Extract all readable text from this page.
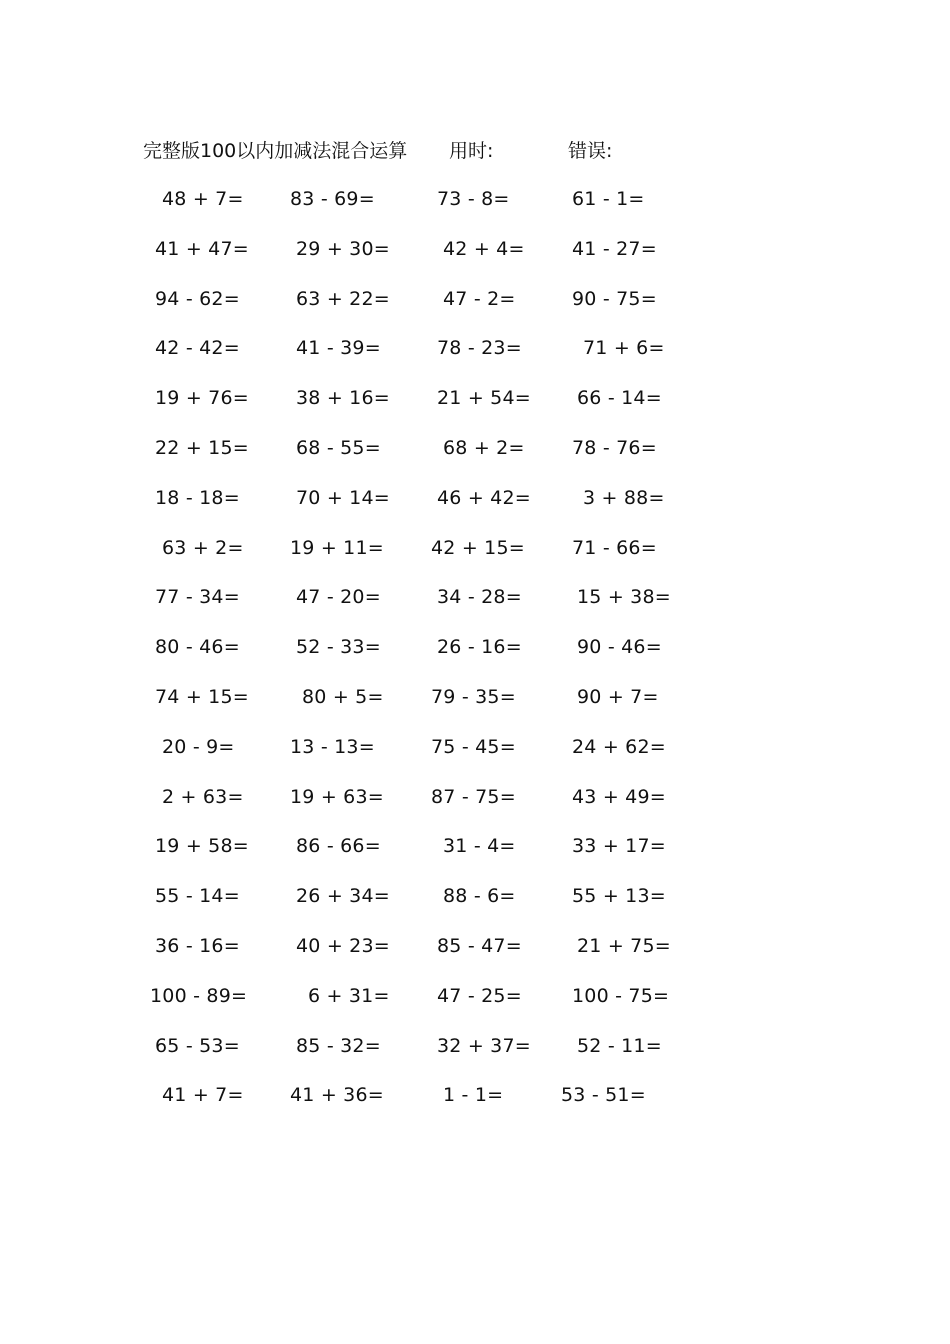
完整版100以内加减法混合运算 用时:	错误:
48 + 7= 83 - 69=	73 - 8=	61 - 1=
41 + 47= 29 + 30=	42 + 4= 41 - 27=
94 - 62=	63 + 22=	47 - 2=	90 - 75=
42 - 42=	41 - 39=	78 - 23=	71 + 6=
19 + 76= 38 + 16= 21 + 54= 66 - 14=
22 + 15= 68 - 55=	68 + 2= 78 - 76=
18 - 18=	70 + 14= 46 + 42=	3 + 88=
63 + 2= 19 + 11= 42 + 15= 71 - 66=
77 - 34=	47 - 20=	34 - 28=	15 + 38=
80 - 46=	52 - 33=	26 - 16=	90 - 46=
74 + 15=	80 + 5= 79 - 35=	90 + 7=
20 - 9=	13 - 13=	75 - 45=	24 + 62=
2 + 63= 19 + 63= 87 - 75=	43 + 49=
19 + 58= 86 - 66=	31 - 4=	33 + 17=
55 - 14=	26 + 34=	88 - 6=	55 + 13=
36 - 16=	40 + 23= 85 - 47=	21 + 75=
100 - 89=	6 + 31= 47 - 25=	100 - 75=
65 - 53=	85 - 32=	32 + 37= 52 - 11=
41 + 7= 41 + 36=	1 - 1=	53 - 51=
